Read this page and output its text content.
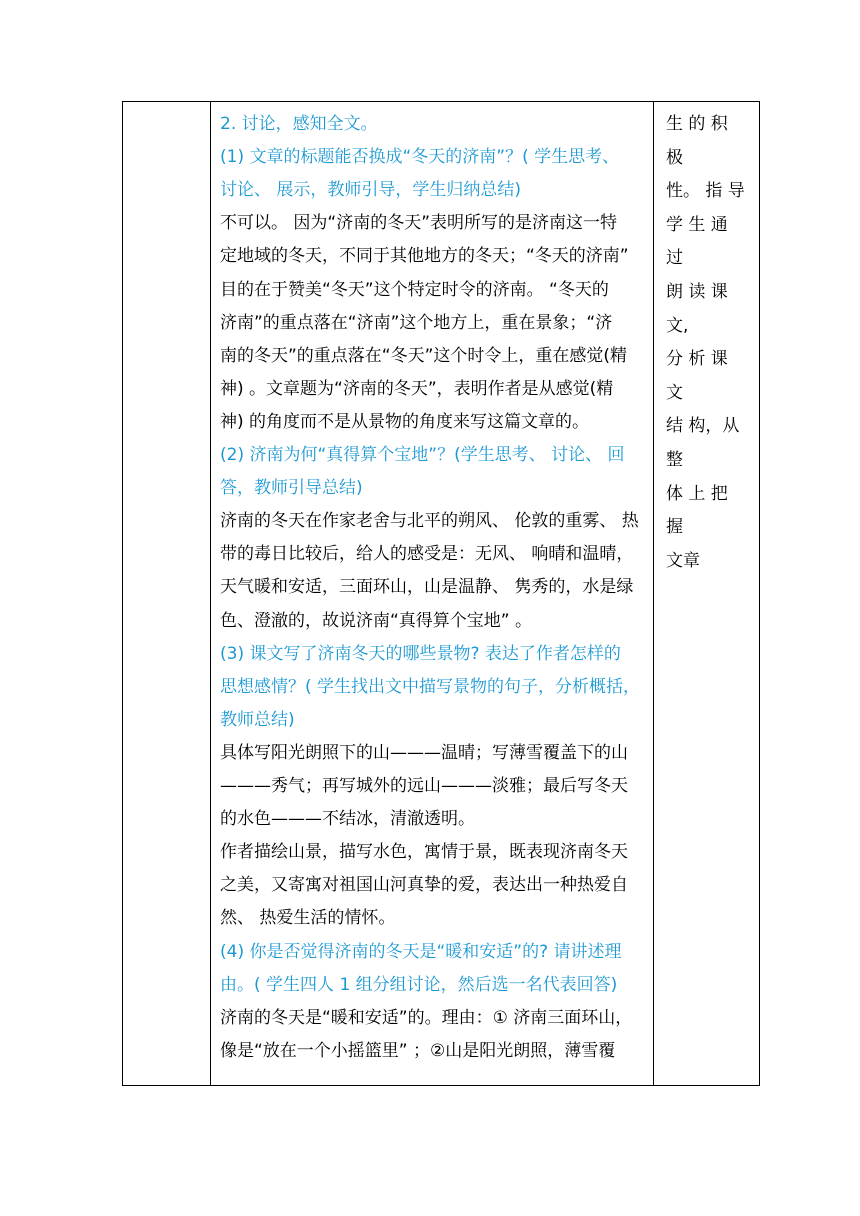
2. 讨论，感知全文。
(1) 文章的标题能否换成“冬天的济南”？( 学生思考、
讨论、 展示，教师引导，学生归纳总结)
不可以。 因为“济南的冬天”表明所写的是济南这一特
定地域的冬天，不同于其他地方的冬天；“冬天的济南”
目的在于赞美“冬天”这个特定时令的济南。 “冬天的
济南”的重点落在“济南”这个地方上，重在景象；“济
南的冬天”的重点落在“冬天”这个时令上，重在感觉(精
神) 。文章题为“济南的冬天”，表明作者是从感觉(精
神) 的角度而不是从景物的角度来写这篇文章的。
(2) 济南为何“真得算个宝地”？(学生思考、 讨论、 回
答，教师引导总结)
济南的冬天在作家老舍与北平的朔风、 伦敦的重雾、 热
带的毒日比较后，给人的感受是：无风、 响晴和温晴，
天气暖和安适，三面环山，山是温静、 隽秀的，水是绿
色、澄澈的，故说济南“真得算个宝地” 。
(3) 课文写了济南冬天的哪些景物? 表达了作者怎样的
思想感情？( 学生找出文中描写景物的句子，分析概括，
教师总结)
具体写阳光朗照下的山———温晴；写薄雪覆盖下的山
———秀气；再写城外的远山———淡雅；最后写冬天
的水色———不结冰，清澈透明。
作者描绘山景，描写水色，寓情于景，既表现济南冬天
之美，又寄寓对祖国山河真挚的爱，表达出一种热爱自
然、 热爱生活的情怀。
(4) 你是否觉得济南的冬天是“暖和安适”的? 请讲述理
由。( 学生四人 1 组分组讨论，然后选一名代表回答)
济南的冬天是“暖和安适”的。理由：① 济南三面环山，
像是“放在一个小摇篮里” ；②山是阳光朗照，薄雪覆
生 的 积
极
性。 指 导
学 生 通
过
朗 读 课
文,
分 析 课
文
结 构，从
整
体 上 把
握
文章
